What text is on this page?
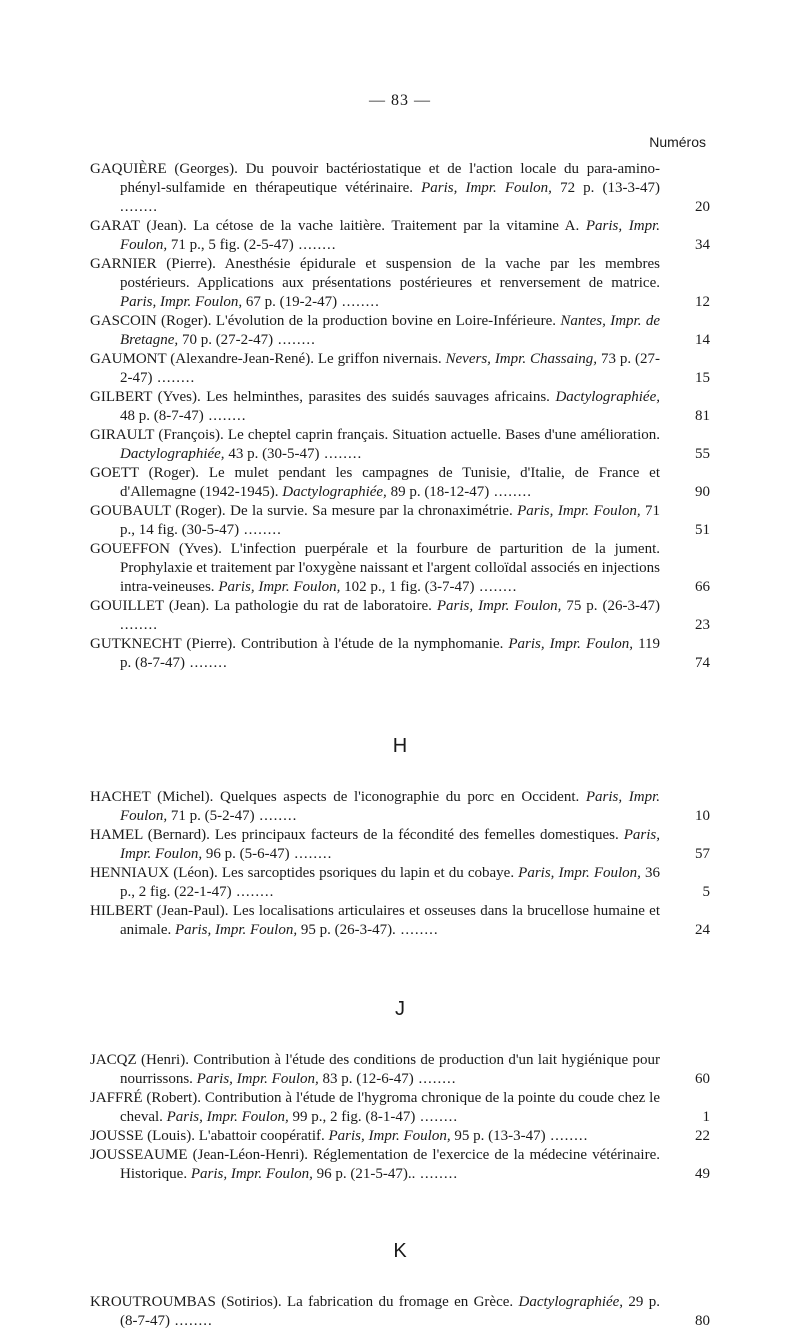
— 83 —
Numéros

GAQUIÈRE (Georges). Du pouvoir bactériostatique et de l'action locale du para-amino-phényl-sulfamide en thérapeutique vétérinaire. Paris, Impr. Foulon, 72 p. (13-3-47) ........	20

GARAT (Jean). La cétose de la vache laitière. Traitement par la vitamine A. Paris, Impr. Foulon, 71 p., 5 fig. (2-5-47) ........	34

GARNIER (Pierre). Anesthésie épidurale et suspension de la vache par les membres postérieurs. Applications aux présentations postérieures et renversement de matrice. Paris, Impr. Foulon, 67 p. (19-2-47) ........	12

GASCOIN (Roger). L'évolution de la production bovine en Loire-Inférieure. Nantes, Impr. de Bretagne, 70 p. (27-2-47) ........	14

GAUMONT (Alexandre-Jean-René). Le griffon nivernais. Nevers, Impr. Chassaing, 73 p. (27-2-47) ........	15

GILBERT (Yves). Les helminthes, parasites des suidés sauvages africains. Dactylographiée, 48 p. (8-7-47) ........	81

GIRAULT (François). Le cheptel caprin français. Situation actuelle. Bases d'une amélioration. Dactylographiée, 43 p. (30-5-47) ........	55

GOETT (Roger). Le mulet pendant les campagnes de Tunisie, d'Italie, de France et d'Allemagne (1942-1945). Dactylographiée, 89 p. (18-12-47) ........	90

GOUBAULT (Roger). De la survie. Sa mesure par la chronaximétrie. Paris, Impr. Foulon, 71 p., 14 fig. (30-5-47) ........	51

GOUEFFON (Yves). L'infection puerpérale et la fourbure de parturition de la jument. Prophylaxie et traitement par l'oxygène naissant et l'argent colloïdal associés en injections intra-veineuses. Paris, Impr. Foulon, 102 p., 1 fig. (3-7-47) ........	66

GOUILLET (Jean). La pathologie du rat de laboratoire. Paris, Impr. Foulon, 75 p. (26-3-47) ........	23

GUTKNECHT (Pierre). Contribution à l'étude de la nymphomanie. Paris, Impr. Foulon, 119 p. (8-7-47) ........	74

H

HACHET (Michel). Quelques aspects de l'iconographie du porc en Occident. Paris, Impr. Foulon, 71 p. (5-2-47) ........	10

HAMEL (Bernard). Les principaux facteurs de la fécondité des femelles domestiques. Paris, Impr. Foulon, 96 p. (5-6-47) ........	57

HENNIAUX (Léon). Les sarcoptides psoriques du lapin et du cobaye. Paris, Impr. Foulon, 36 p., 2 fig. (22-1-47) ........	5

HILBERT (Jean-Paul). Les localisations articulaires et osseuses dans la brucellose humaine et animale. Paris, Impr. Foulon, 95 p. (26-3-47). ........	24

J

JACQZ (Henri). Contribution à l'étude des conditions de production d'un lait hygiénique pour nourrissons. Paris, Impr. Foulon, 83 p. (12-6-47) ........	60

JAFFRÉ (Robert). Contribution à l'étude de l'hygroma chronique de la pointe du coude chez le cheval. Paris, Impr. Foulon, 99 p., 2 fig. (8-1-47) ........	1

JOUSSE (Louis). L'abattoir coopératif. Paris, Impr. Foulon, 95 p. (13-3-47) ........	22

JOUSSEAUME (Jean-Léon-Henri). Réglementation de l'exercice de la médecine vétérinaire. Historique. Paris, Impr. Foulon, 96 p. (21-5-47).. ........	49

K

KROUTROUMBAS (Sotirios). La fabrication du fromage en Grèce. Dactylographiée, 29 p. (8-7-47) ........	80
